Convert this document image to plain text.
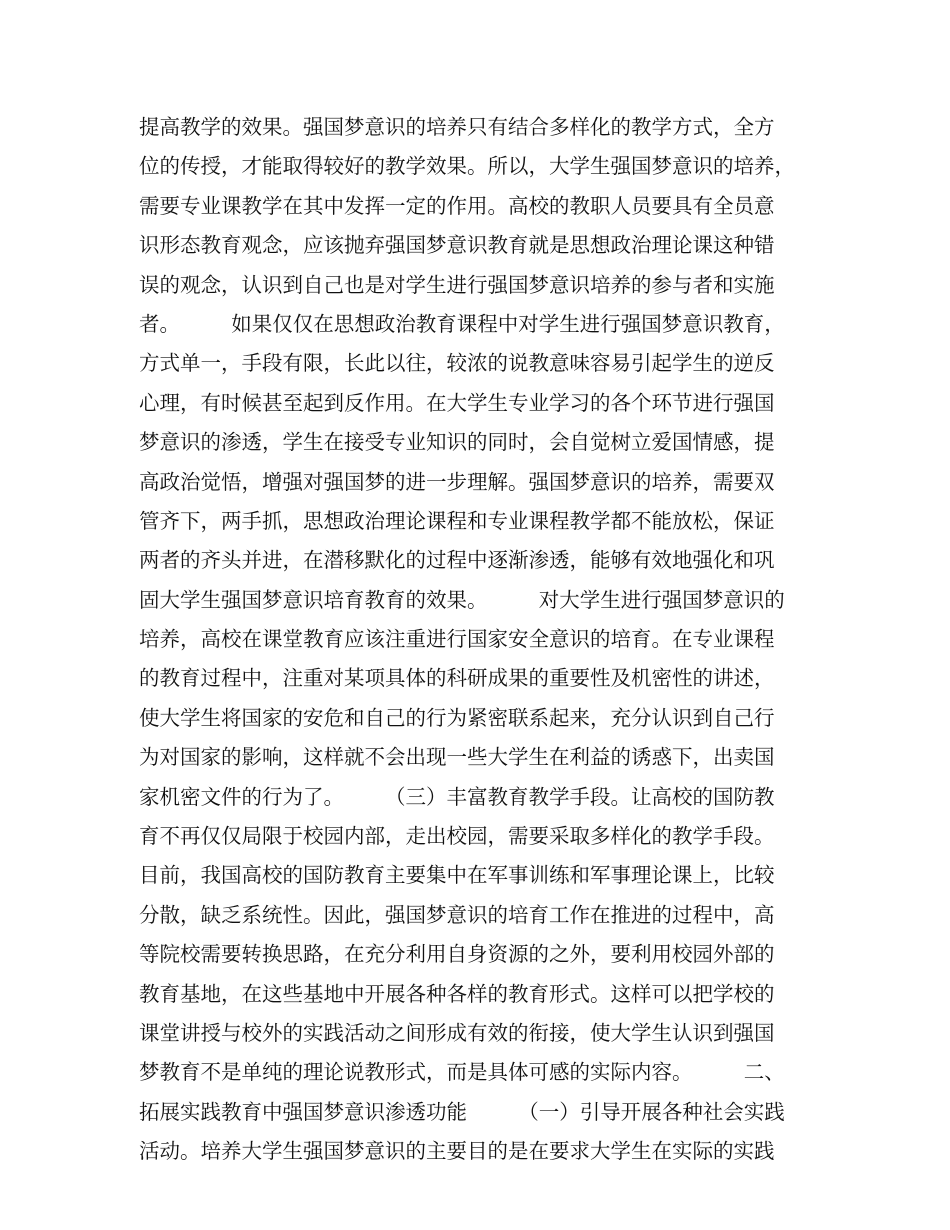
提高教学的效果。强国梦意识的培养只有结合多样化的教学方式，全方
位的传授，才能取得较好的教学效果。所以，大学生强国梦意识的培养，
需要专业课教学在其中发挥一定的作用。高校的教职人员要具有全员意
识形态教育观念，应该抛弃强国梦意识教育就是思想政治理论课这种错
误的观念，认识到自己也是对学生进行强国梦意识培养的参与者和实施
者。　　　如果仅仅在思想政治教育课程中对学生进行强国梦意识教育，
方式单一，手段有限，长此以往，较浓的说教意味容易引起学生的逆反
心理，有时候甚至起到反作用。在大学生专业学习的各个环节进行强国
梦意识的渗透，学生在接受专业知识的同时，会自觉树立爱国情感，提
高政治觉悟，增强对强国梦的进一步理解。强国梦意识的培养，需要双
管齐下，两手抓，思想政治理论课程和专业课程教学都不能放松，保证
两者的齐头并进，在潜移默化的过程中逐渐渗透，能够有效地强化和巩
固大学生强国梦意识培育教育的效果。　　　对大学生进行强国梦意识的
培养，高校在课堂教育应该注重进行国家安全意识的培育。在专业课程
的教育过程中，注重对某项具体的科研成果的重要性及机密性的讲述，
使大学生将国家的安危和自己的行为紧密联系起来，充分认识到自己行
为对国家的影响，这样就不会出现一些大学生在利益的诱惑下，出卖国
家机密文件的行为了。　　　（三）丰富教育教学手段。让高校的国防教
育不再仅仅局限于校园内部，走出校园，需要采取多样化的教学手段。
目前，我国高校的国防教育主要集中在军事训练和军事理论课上，比较
分散，缺乏系统性。因此，强国梦意识的培育工作在推进的过程中，高
等院校需要转换思路，在充分利用自身资源的之外，要利用校园外部的
教育基地，在这些基地中开展各种各样的教育形式。这样可以把学校的
课堂讲授与校外的实践活动之间形成有效的衔接，使大学生认识到强国
梦教育不是单纯的理论说教形式，而是具体可感的实际内容。　　　二、
拓展实践教育中强国梦意识渗透功能　　　（一）引导开展各种社会实践
活动。培养大学生强国梦意识的主要目的是在要求大学生在实际的实践
